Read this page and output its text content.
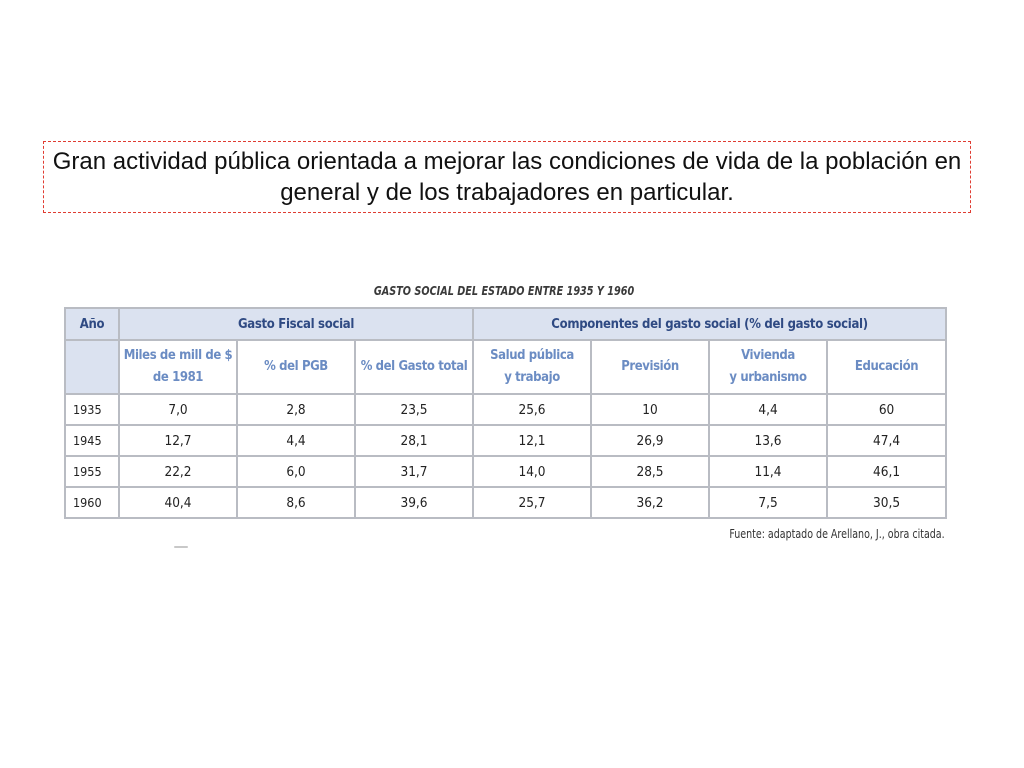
Gran actividad pública orientada a mejorar las condiciones de vida de la población en general y de los trabajadores en particular.

GASTO SOCIAL DEL ESTADO ENTRE 1935 Y 1960
Año	Gasto Fiscal social			Componentes del gasto social (% del gasto social)			
	Miles de mill de $
de 1981	% del PGB	% del Gasto total	Salud pública
y trabajo	Previsión	Vivienda
y urbanismo	Educación

1935	7,0	2,8	23,5	25,6	10	4,4	60
1945	12,7	4,4	28,1	12,1	26,9	13,6	47,4
1955	22,2	6,0	31,7	14,0	28,5	11,4	46,1
1960	40,4	8,6	39,6	25,7	36,2	7,5	30,5
Fuente: adaptado de Arellano, J., obra citada.
